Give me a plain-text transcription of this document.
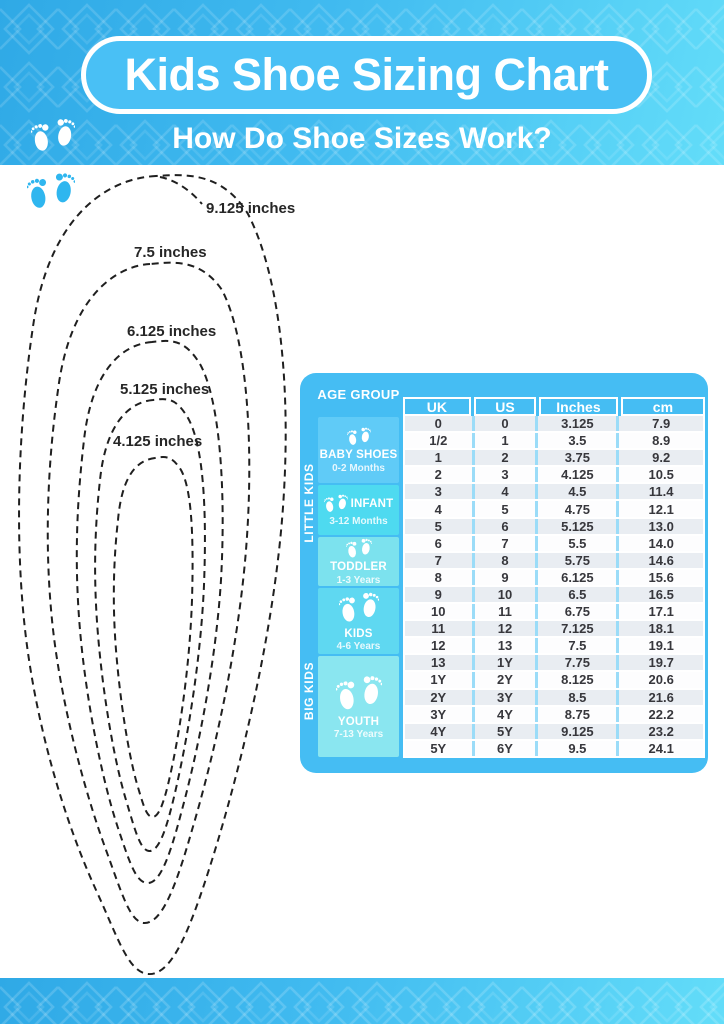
Kids Shoe Sizing Chart
How Do Shoe Sizes Work?
9.125 inches
7.5 inches
6.125 inches
5.125 inches
4.125 inches
AGE GROUP
LITTLE KIDS
BIG KIDS
BABY SHOES
0-2 Months
INFANT
3-12 Months
TODDLER
1-3 Years
KIDS
4-6 Years
YOUTH
7-13 Years
UK	US	Inches	cm
0	0	3.125	7.9
1/2	1	3.5	8.9
1	2	3.75	9.2
2	3	4.125	10.5
3	4	4.5	11.4
4	5	4.75	12.1
5	6	5.125	13.0
6	7	5.5	14.0
7	8	5.75	14.6
8	9	6.125	15.6
9	10	6.5	16.5
10	11	6.75	17.1
11	12	7.125	18.1
12	13	7.5	19.1
13	1Y	7.75	19.7
1Y	2Y	8.125	20.6
2Y	3Y	8.5	21.6
3Y	4Y	8.75	22.2
4Y	5Y	9.125	23.2
5Y	6Y	9.5	24.1
